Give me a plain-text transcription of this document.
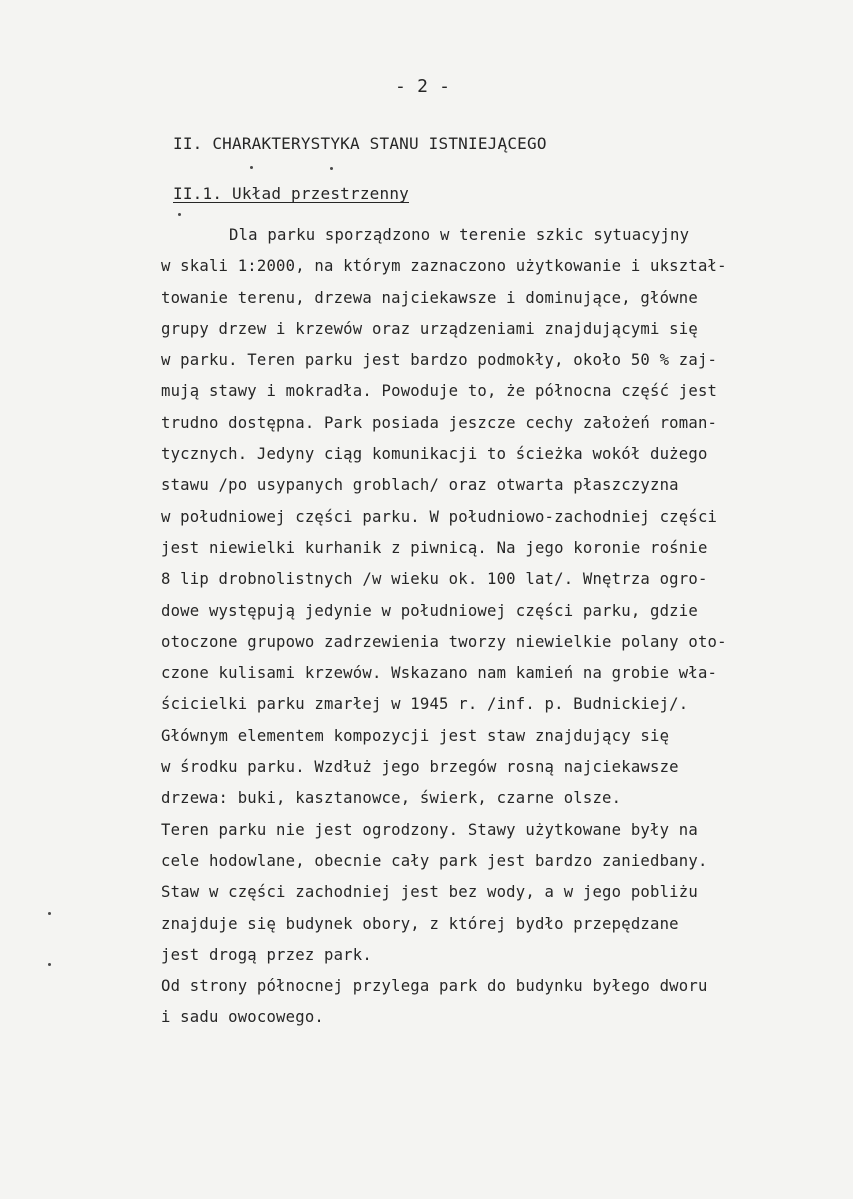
- 2 -
II. CHARAKTERYSTYKA STANU ISTNIEJĄCEGO
II.1. Układ przestrzenny
Dla parku sporządzono w terenie szkic sytuacyjny
w skali 1:2000, na którym zaznaczono użytkowanie i ukształ-
towanie terenu, drzewa najciekawsze i dominujące, główne
grupy drzew i krzewów oraz urządzeniami znajdującymi się
w parku. Teren parku jest bardzo podmokły, około 50 % zaj-
mują stawy i mokradła. Powoduje to, że północna część jest
trudno dostępna. Park posiada jeszcze cechy założeń roman-
tycznych. Jedyny ciąg komunikacji to ścieżka wokół dużego
stawu /po usypanych groblach/ oraz otwarta płaszczyzna
w południowej części parku. W południowo-zachodniej części
jest niewielki kurhanik z piwnicą. Na jego koronie rośnie
8 lip drobnolistnych /w wieku ok. 100 lat/. Wnętrza ogro-
dowe występują jedynie w południowej części parku, gdzie
otoczone grupowo zadrzewienia tworzy niewielkie polany oto-
czone kulisami krzewów. Wskazano nam kamień na grobie wła-
ścicielki parku zmarłej w 1945 r. /inf. p. Budnickiej/.
Głównym elementem kompozycji jest staw znajdujący się
w środku parku. Wzdłuż jego brzegów rosną najciekawsze
drzewa: buki, kasztanowce, świerk, czarne olsze.
Teren parku nie jest ogrodzony. Stawy użytkowane były na
cele hodowlane, obecnie cały park jest bardzo zaniedbany.
Staw w części zachodniej jest bez wody, a w jego pobliżu
znajduje się budynek obory, z której bydło przepędzane
jest drogą przez park.
Od strony północnej przylega park do budynku byłego dworu
i sadu owocowego.
